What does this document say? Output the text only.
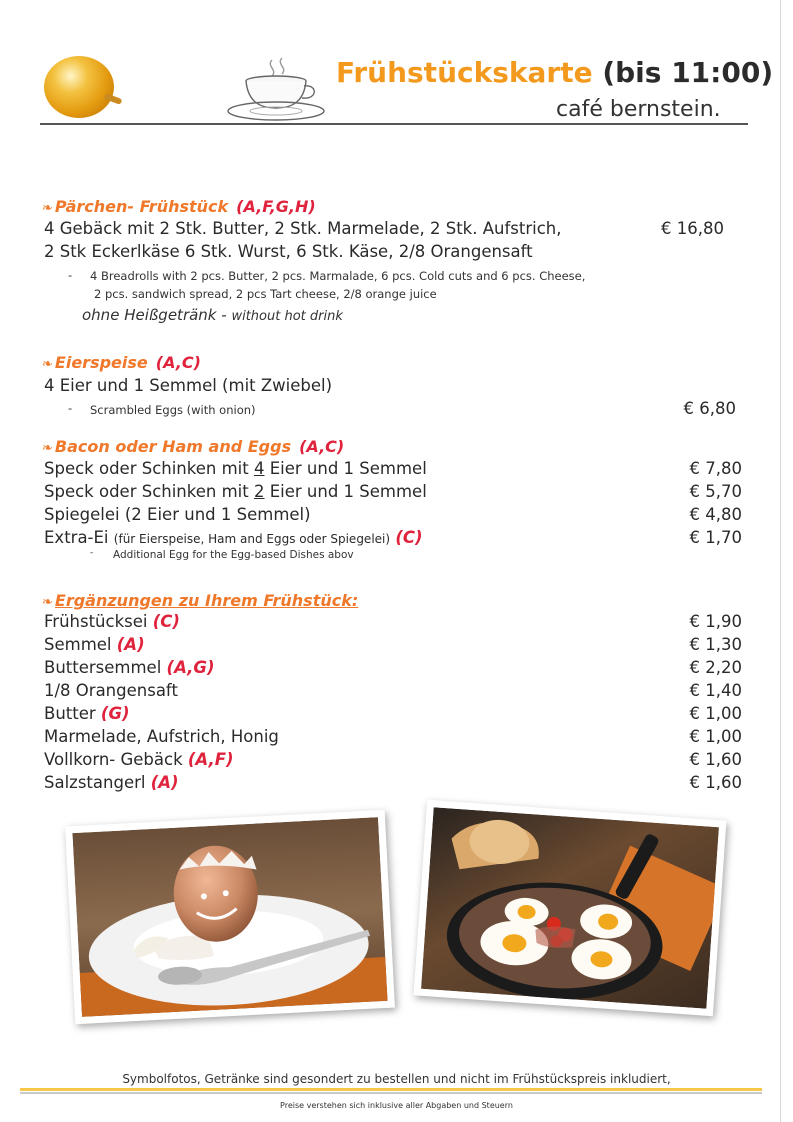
Frühstückskarte (bis 11:00)
café bernstein.
❧ Pärchen- Frühstück (A,F,G,H)
4 Gebäck mit 2 Stk. Butter, 2 Stk. Marmelade, 2 Stk. Aufstrich,	€ 16,80
2 Stk Eckerlkäse 6 Stk. Wurst, 6 Stk. Käse, 2/8 Orangensaft
- 4 Breadrolls with 2 pcs. Butter, 2 pcs. Marmalade, 6 pcs. Cold cuts and 6 pcs. Cheese,
2 pcs. sandwich spread, 2 pcs Tart cheese, 2/8 orange juice
ohne Heißgetränk - without hot drink
❧ Eierspeise (A,C)
4 Eier und 1 Semmel (mit Zwiebel)
- Scrambled Eggs (with onion)	€ 6,80
❧ Bacon oder Ham and Eggs (A,C)
Speck oder Schinken mit 4 Eier und 1 Semmel	€ 7,80
Speck oder Schinken mit 2 Eier und 1 Semmel	€ 5,70
Spiegelei (2 Eier und 1 Semmel)	€ 4,80
Extra-Ei (für Eierspeise, Ham and Eggs oder Spiegelei) (C)	€ 1,70
- Additional Egg for the Egg-based Dishes abov
❧ Ergänzungen zu Ihrem Frühstück:
Frühstücksei (C)	€ 1,90
Semmel (A)	€ 1,30
Buttersemmel (A,G)	€ 2,20
1/8 Orangensaft	€ 1,40
Butter (G)	€ 1,00
Marmelade, Aufstrich, Honig	€ 1,00
Vollkorn- Gebäck (A,F)	€ 1,60
Salzstangerl (A)	€ 1,60
Symbolfotos, Getränke sind gesondert zu bestellen und nicht im Frühstückspreis inkludiert,
Preise verstehen sich inklusive aller Abgaben und Steuern
